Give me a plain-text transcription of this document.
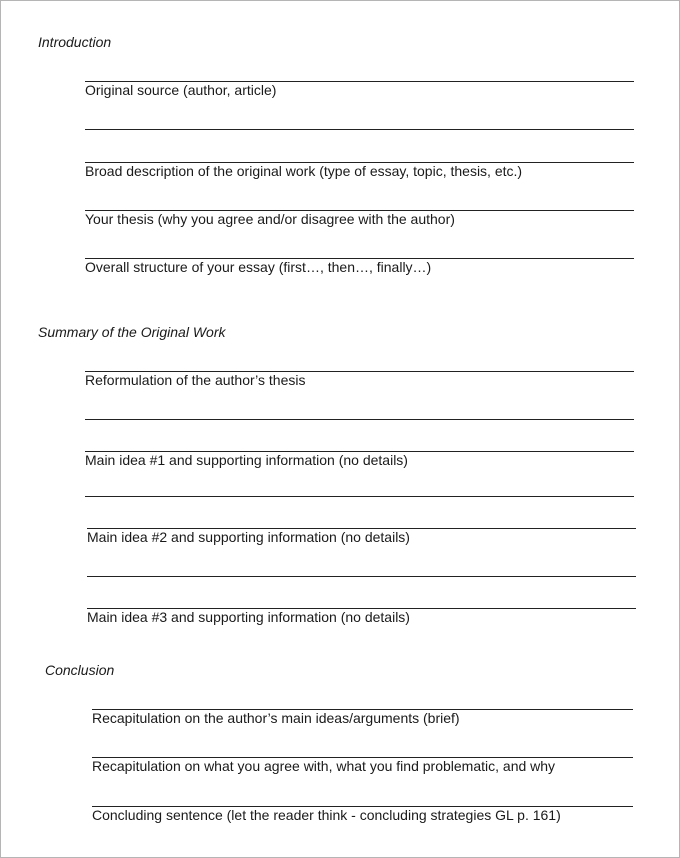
Introduction
Original source (author, article)
Broad description of the original work (type of essay, topic, thesis, etc.)
Your thesis (why you agree and/or disagree with the author)
Overall structure of your essay (first…, then…, finally…)
Summary of the Original Work
Reformulation of the author’s thesis
Main idea #1 and supporting information (no details)
Main idea #2 and supporting information (no details)
Main idea #3 and supporting information (no details)
Conclusion
Recapitulation on the author’s main ideas/arguments (brief)
Recapitulation on what you agree with, what you find problematic, and why
Concluding sentence (let the reader think - concluding strategies GL p. 161)
